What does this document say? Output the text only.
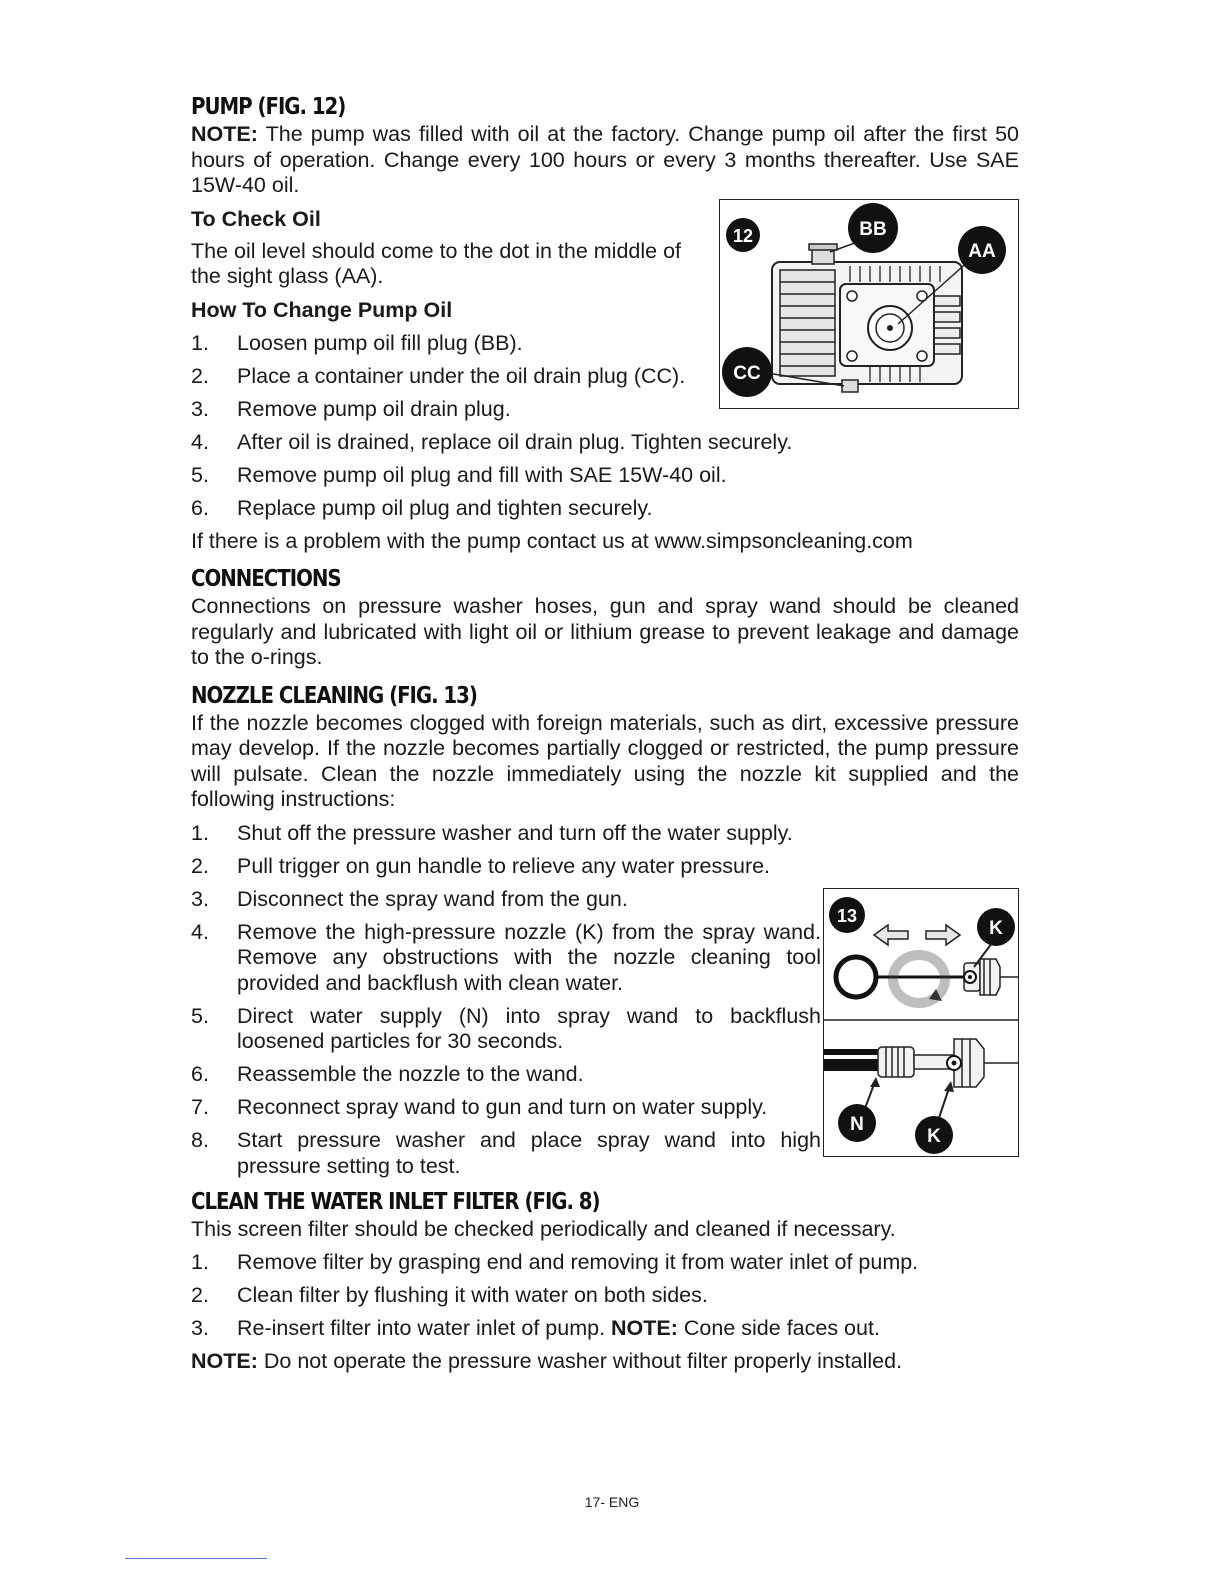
PUMP (FIG. 12)

NOTE: The pump was filled with oil at the factory. Change pump oil after the first 50 hours of operation. Change every 100 hours or every 3 months thereafter. Use SAE 15W-40 oil.

To Check Oil

The oil level should come to the dot in the middle of the sight glass (AA).

How To Change Pump Oil
1. Loosen pump oil fill plug (BB).
2. Place a container under the oil drain plug (CC).
3. Remove pump oil drain plug.
4. After oil is drained, replace oil drain plug. Tighten securely.
5. Remove pump oil plug and fill with SAE 15W-40 oil.
6. Replace pump oil plug and tighten securely.

If there is a problem with the pump contact us at www.simpsoncleaning.com

CONNECTIONS

Connections on pressure washer hoses, gun and spray wand should be cleaned regularly and lubricated with light oil or lithium grease to prevent leakage and damage to the o-rings.

NOZZLE CLEANING (FIG. 13)

If the nozzle becomes clogged with foreign materials, such as dirt, excessive pressure may develop. If the nozzle becomes partially clogged or restricted, the pump pressure will pulsate. Clean the nozzle immediately using the nozzle kit supplied and the following instructions:

1. Shut off the pressure washer and turn off the water supply.
2. Pull trigger on gun handle to relieve any water pressure.
3. Disconnect the spray wand from the gun.
4. Remove the high-pressure nozzle (K) from the spray wand. Remove any obstructions with the nozzle cleaning tool provided and backflush with clean water.
5. Direct water supply (N) into spray wand to backflush loosened particles for 30 seconds.
6. Reassemble the nozzle to the wand.
7. Reconnect spray wand to gun and turn on water supply.
8. Start pressure washer and place spray wand into high pressure setting to test.
CLEAN THE WATER INLET FILTER (FIG. 8)

This screen filter should be checked periodically and cleaned if necessary.

1. Remove filter by grasping end and removing it from water inlet of pump.
2. Clean filter by flushing it with water on both sides.
3. Re-insert filter into water inlet of pump. NOTE: Cone side faces out.

NOTE: Do not operate the pressure washer without filter properly installed.

12	BB
AA
CC
13
K
N
K
17- ENG
